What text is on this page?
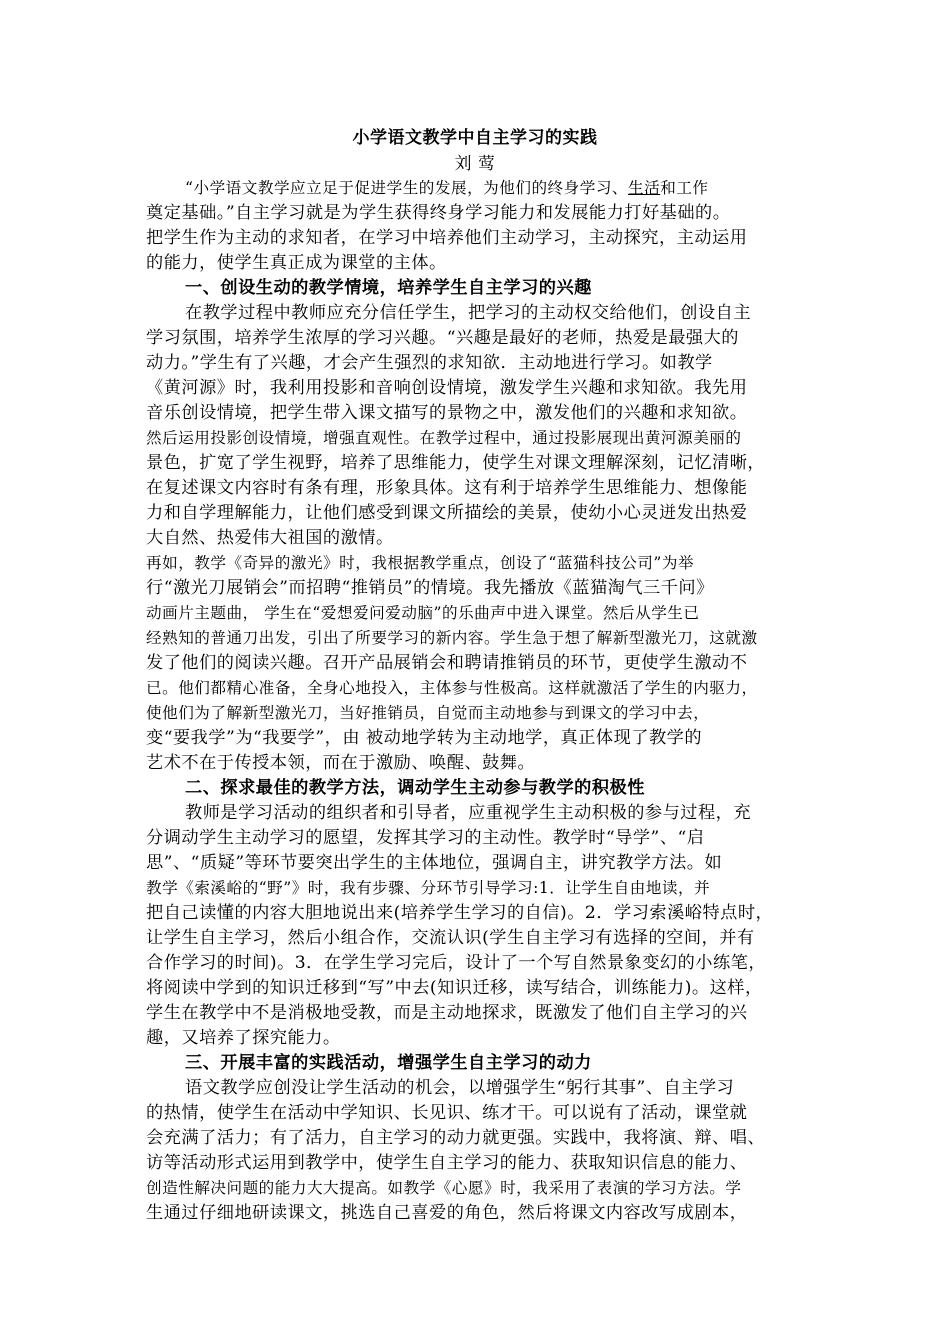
小学语文教学中自主学习的实践
刘 莺
“小学语文教学应立足于促进学生的发展，为他们的终身学习、生活和工作
奠定基础。”自主学习就是为学生获得终身学习能力和发展能力打好基础的。
把学生作为主动的求知者，在学习中培养他们主动学习，主动探究，主动运用
的能力，使学生真正成为课堂的主体。
一、创设生动的教学情境，培养学生自主学习的兴趣
在教学过程中教师应充分信任学生，把学习的主动权交给他们，创设自主
学习氛围，培养学生浓厚的学习兴趣。“兴趣是最好的老师，热爱是最强大的
动力。”学生有了兴趣，才会产生强烈的求知欲．主动地进行学习。如教学
《黄河源》时，我利用投影和音响创设情境，激发学生兴趣和求知欲。我先用
音乐创设情境，把学生带入课文描写的景物之中，激发他们的兴趣和求知欲。
然后运用投影创设情境，增强直观性。在教学过程中，通过投影展现出黄河源美丽的
景色，扩宽了学生视野，培养了思维能力，使学生对课文理解深刻，记忆清晰，
在复述课文内容时有条有理，形象具体。这有利于培养学生思维能力、想像能
力和自学理解能力，让他们感受到课文所描绘的美景，使幼小心灵迸发出热爱
大自然、热爱伟大祖国的激情。
再如，教学《奇异的激光》时，我根据教学重点，创设了“蓝猫科技公司”为举
行“激光刀展销会”而招聘“推销员”的情境。我先播放《蓝猫淘气三千问》
动画片主题曲， 学生在“爱想爱问爱动脑”的乐曲声中进入课堂。然后从学生已
经熟知的普通刀出发，引出了所要学习的新内容。学生急于想了解新型激光刀，这就激
发了他们的阅读兴趣。召开产品展销会和聘请推销员的环节，更使学生激动不
已。他们都精心准备，全身心地投入，主体参与性极高。这样就激活了学生的内驱力，
使他们为了解新型激光刀，当好推销员，自觉而主动地参与到课文的学习中去，
变“要我学”为“我要学”，由 被动地学转为主动地学，真正体现了教学的
艺术不在于传授本领，而在于激励、唤醒、鼓舞。
二、探求最佳的教学方法，调动学生主动参与教学的积极性
教师是学习活动的组织者和引导者，应重视学生主动积极的参与过程，充
分调动学生主动学习的愿望，发挥其学习的主动性。教学时“导学”、“启
思”、“质疑”等环节要突出学生的主体地位，强调自主，讲究教学方法。如
教学《索溪峪的“野”》时，我有步骤、分环节引导学习:1．让学生自由地读，并
把自己读懂的内容大胆地说出来(培养学生学习的自信)。2．学习索溪峪特点时，
让学生自主学习，然后小组合作，交流认识(学生自主学习有选择的空间，并有
合作学习的时间)。3．在学生学习完后，设计了一个写自然景象变幻的小练笔，
将阅读中学到的知识迁移到“写”中去(知识迁移，读写结合，训练能力)。这样，
学生在教学中不是消极地受教，而是主动地探求，既激发了他们自主学习的兴
趣，又培养了探究能力。
三、开展丰富的实践活动，增强学生自主学习的动力
语文教学应创没让学生活动的机会，以增强学生“躬行其事”、自主学习
的热情，使学生在活动中学知识、长见识、练才干。可以说有了活动，课堂就
会充满了活力；有了活力，自主学习的动力就更强。实践中，我将演、辩、唱、
访等活动形式运用到教学中，使学生自主学习的能力、获取知识信息的能力、
创造性解决问题的能力大大提高。如教学《心愿》时，我采用了表演的学习方法。学
生通过仔细地研读课文，挑选自己喜爱的角色，然后将课文内容改写成剧本，
